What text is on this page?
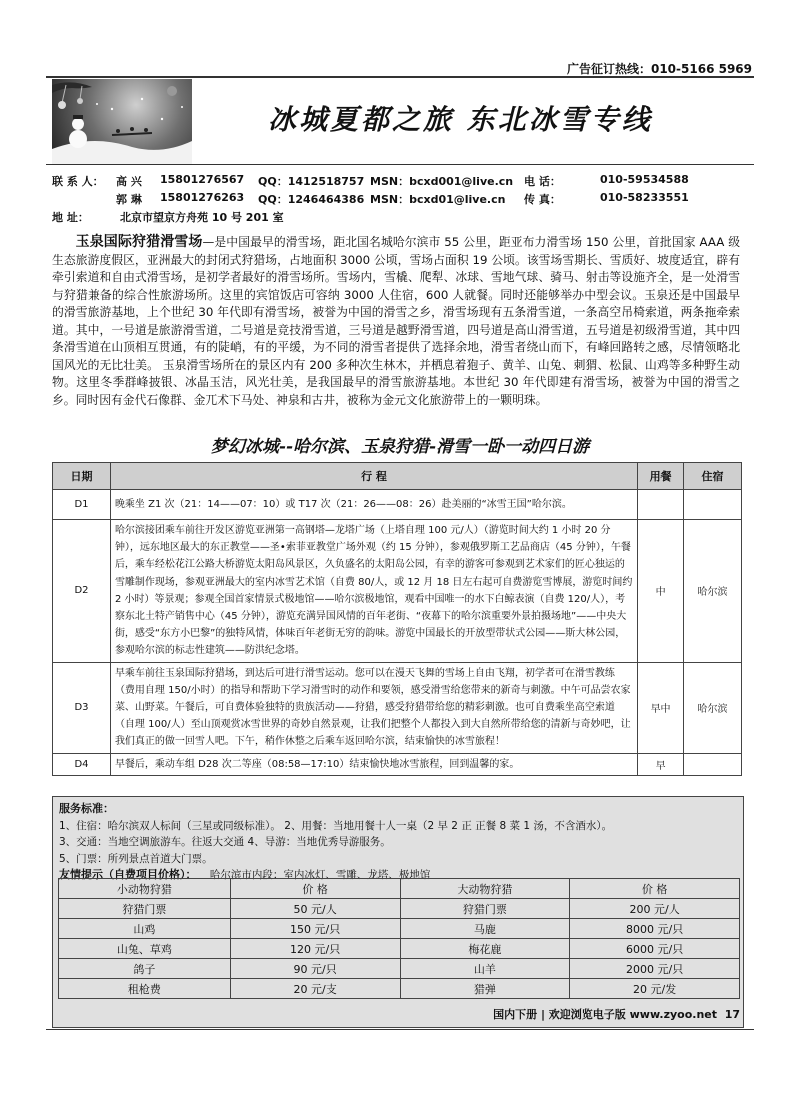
广告征订热线：010-5166 5969
冰城夏都之旅 东北冰雪专线
联 系 人： 高 兴 15801276567 QQ：1412518757 MSN：bcxd001@live.cn 电 话：	010-59534588
郭 琳 15801276263 QQ：1246464386 MSN：bcxd01@live.cn 传 真：	010-58233551
地 址：	北京市望京方舟苑 10 号 201 室
玉泉国际狩猎滑雪场—是中国最早的滑雪场，距北国名城哈尔滨市 55 公里，距亚布力滑雪场 150 公里，首批国家 AAA 级生态旅游度假区，亚洲最大的封闭式狩猎场，占地面积 3000 公顷，雪场占面积 19 公顷。该雪场雪期长、雪质好、坡度适宜，辟有牵引索道和自由式滑雪场，是初学者最好的滑雪场所。雪场内，雪橇、爬犁、冰球、雪地气球、骑马、射击等设施齐全，是一处滑雪与狩猎兼备的综合性旅游场所。这里的宾馆饭店可容纳 3000 人住宿，600 人就餐。同时还能够举办中型会议。玉泉还是中国最早的滑雪旅游基地，上个世纪 30 年代即有滑雪场，被誉为中国的滑雪之乡，滑雪场现有五条滑雪道，一条高空吊椅索道，两条拖牵索道。其中，一号道是旅游滑雪道，二号道是竞技滑雪道，三号道是越野滑雪道，四号道是高山滑雪道，五号道是初级滑雪道，其中四条滑雪道在山顶相互贯通，有的陡峭，有的平缓，为不同的滑雪者提供了选择余地，滑雪者绕山而下，有峰回路转之感，尽情领略北国风光的无比壮美。 玉泉滑雪场所在的景区内有 200 多种次生林木，并栖息着狍子、黄羊、山兔、刺猬、松鼠、山鸡等多种野生动物。这里冬季群峰披银、冰晶玉洁，风光壮美，是我国最早的滑雪旅游基地。本世纪 30 年代即建有滑雪场，被誉为中国的滑雪之乡。同时因有金代石像群、金兀术下马处、神泉和古井，被称为金元文化旅游带上的一颗明珠。
梦幻冰城--哈尔滨、玉泉狩猎-滑雪一卧一动四日游
日期	行 程	用餐	住宿
D1	晚乘坐 Z1 次（21：14——07：10）或 T17 次（21：26——08：26）赴美丽的“冰雪王国”哈尔滨。		
D2	哈尔滨接团乘车前往开发区游览亚洲第一高钢塔—龙塔广场（上塔自理 100 元/人）（游览时间大约 1 小时 20 分钟），远东地区最大的东正教堂——圣•索菲亚教堂广场外观（约 15 分钟），参观俄罗斯工艺品商店（45 分钟），午餐后，乘车经松花江公路大桥游览太阳岛风景区，久负盛名的太阳岛公园，有幸的游客可参观到艺术家们的匠心独运的雪雕制作现场，参观亚洲最大的室内冰雪艺术馆（自费 80/人，或 12 月 18 日左右起可自费游览雪博展，游览时间约 2 小时）等景观；参观全国首家情景式极地馆——哈尔滨极地馆，观看中国唯一的水下白鲸表演（自费 120/人），考察东北土特产销售中心（45 分钟），游览充满异国风情的百年老街、“夜幕下的哈尔滨重要外景拍摄场地”——中央大街，感受“东方小巴黎”的独特风情，体味百年老街无穷的韵味。游览中国最长的开放型带状式公园——斯大林公园，参观哈尔滨的标志性建筑——防洪纪念塔。	中	哈尔滨
D3	早乘车前往玉泉国际狩猎场，到达后可进行滑雪运动。您可以在漫天飞舞的雪场上自由飞翔，初学者可在滑雪教练（费用自理 150/小时）的指导和帮助下学习滑雪时的动作和要领，感受滑雪给您带来的新奇与刺激。中午可品尝农家菜、山野菜。午餐后，可自费体验独特的贵族活动——狩猎，感受狩猎带给您的精彩刺激。也可自费乘坐高空索道（自理 100/人）至山顶观赏冰雪世界的奇妙自然景观，让我们把整个人都投入到大自然所带给您的清新与奇妙吧，让我们真正的做一回雪人吧。下午，稍作休整之后乘车返回哈尔滨，结束愉快的冰雪旅程！	早中	哈尔滨
D4	早餐后，乘动车组 D28 次二等座（08:58—17:10）结束愉快地冰雪旅程，回到温馨的家。	早	
服务标准：
1、住宿：哈尔滨双人标间（三星或同级标准）。 2、用餐：当地用餐十人一桌（2 早 2 正 正餐 8 菜 1 汤，不含酒水）。
3、交通：当地空调旅游车。往返大交通 4、导游：当地优秀导游服务。
5、门票：所列景点首道大门票。
友情提示（自费项目价格）： 哈尔滨市内段：室内冰灯、雪雕、龙塔、极地馆
小动物狩猎	价 格	大动物狩猎	价 格
狩猎门票	50 元/人	狩猎门票	200 元/人
山鸡	150 元/只	马鹿	8000 元/只
山兔、草鸡	120 元/只	梅花鹿	6000 元/只
鸽子	90 元/只	山羊	2000 元/只
租枪费	20 元/支	猎弹	20 元/发
国内下册 | 欢迎浏览电子版 www.zyoo.net 17
